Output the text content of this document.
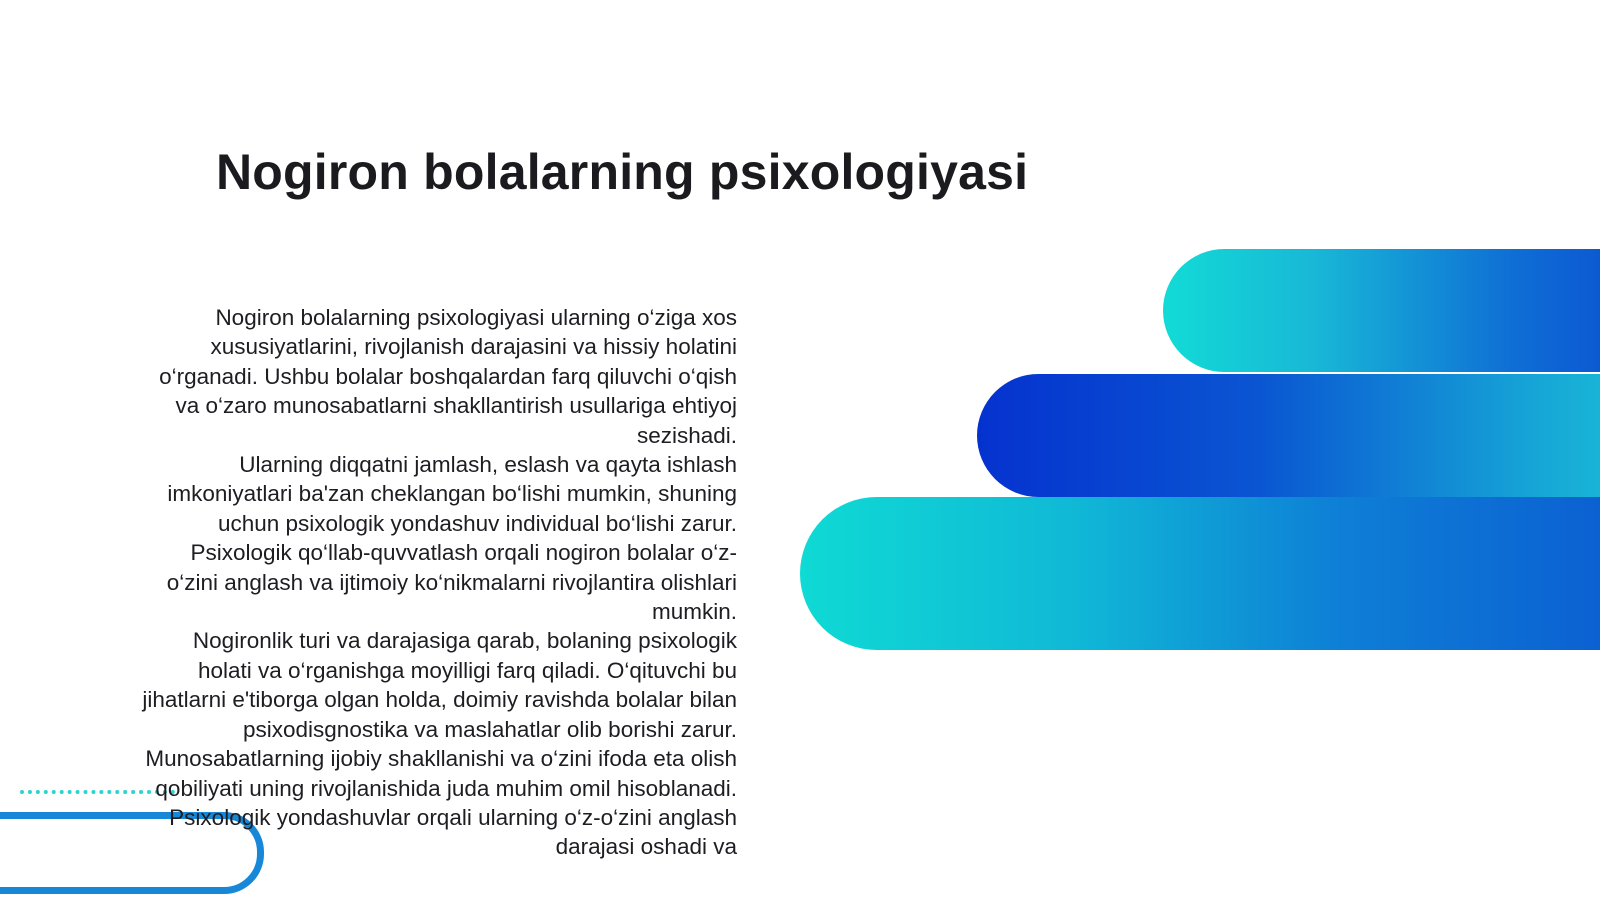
Nogiron bolalarning psixologiyasi

Nogiron bolalarning psixologiyasi ularning o‘ziga xos xususiyatlarini, rivojlanish darajasini va hissiy holatini o‘rganadi. Ushbu bolalar boshqalardan farq qiluvchi o‘qish va o‘zaro munosabatlarni shakllantirish usullariga ehtiyoj sezishadi.

Ularning diqqatni jamlash, eslash va qayta ishlash imkoniyatlari ba'zan cheklangan bo‘lishi mumkin, shuning uchun psixologik yondashuv individual bo‘lishi zarur. Psixologik qo‘llab-quvvatlash orqali nogiron bolalar o‘z-o‘zini anglash va ijtimoiy ko‘nikmalarni rivojlantira olishlari mumkin.

Nogironlik turi va darajasiga qarab, bolaning psixologik holati va o‘rganishga moyilligi farq qiladi. O‘qituvchi bu jihatlarni e'tiborga olgan holda, doimiy ravishda bolalar bilan psixodisgnostika va maslahatlar olib borishi zarur.

Munosabatlarning ijobiy shakllanishi va o‘zini ifoda eta olish qobiliyati uning rivojlanishida juda muhim omil hisoblanadi. Psixologik yondashuvlar orqali ularning o‘z-o‘zini anglash darajasi oshadi va
